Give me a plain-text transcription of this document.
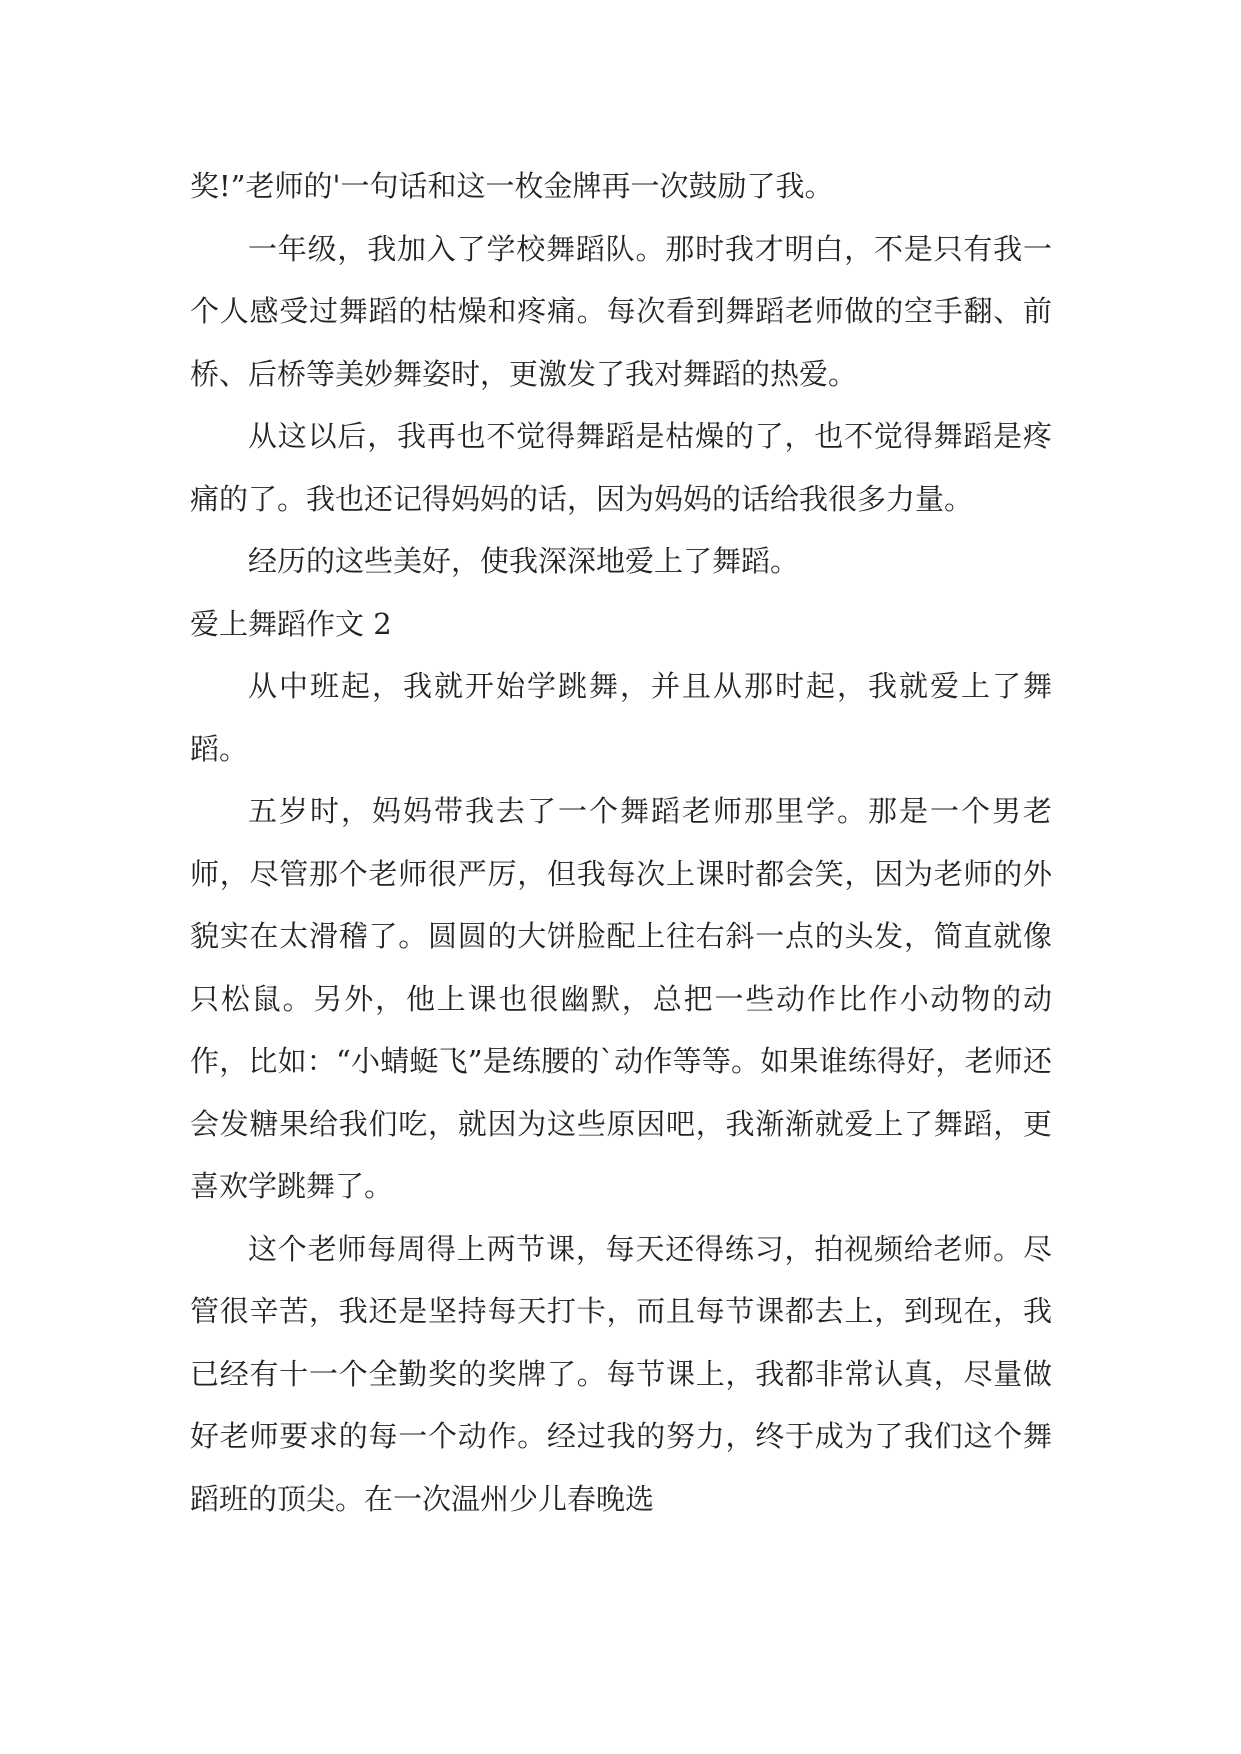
奖!”老师的'一句话和这一枚金牌再一次鼓励了我。

一年级，我加入了学校舞蹈队。那时我才明白，不是只有我一个人感受过舞蹈的枯燥和疼痛。每次看到舞蹈老师做的空手翻、前桥、后桥等美妙舞姿时，更激发了我对舞蹈的热爱。

从这以后，我再也不觉得舞蹈是枯燥的了，也不觉得舞蹈是疼痛的了。我也还记得妈妈的话，因为妈妈的话给我很多力量。

经历的这些美好，使我深深地爱上了舞蹈。

爱上舞蹈作文 2

从中班起，我就开始学跳舞，并且从那时起，我就爱上了舞蹈。

五岁时，妈妈带我去了一个舞蹈老师那里学。那是一个男老师，尽管那个老师很严厉，但我每次上课时都会笑，因为老师的外貌实在太滑稽了。圆圆的大饼脸配上往右斜一点的头发，简直就像只松鼠。另外，他上课也很幽默，总把一些动作比作小动物的动作，比如：“小蜻蜓飞”是练腰的`动作等等。如果谁练得好，老师还会发糖果给我们吃，就因为这些原因吧，我渐渐就爱上了舞蹈，更喜欢学跳舞了。

这个老师每周得上两节课，每天还得练习，拍视频给老师。尽管很辛苦，我还是坚持每天打卡，而且每节课都去上，到现在，我已经有十一个全勤奖的奖牌了。每节课上，我都非常认真，尽量做好老师要求的每一个动作。经过我的努力，终于成为了我们这个舞蹈班的顶尖。在一次温州少儿春晚选
